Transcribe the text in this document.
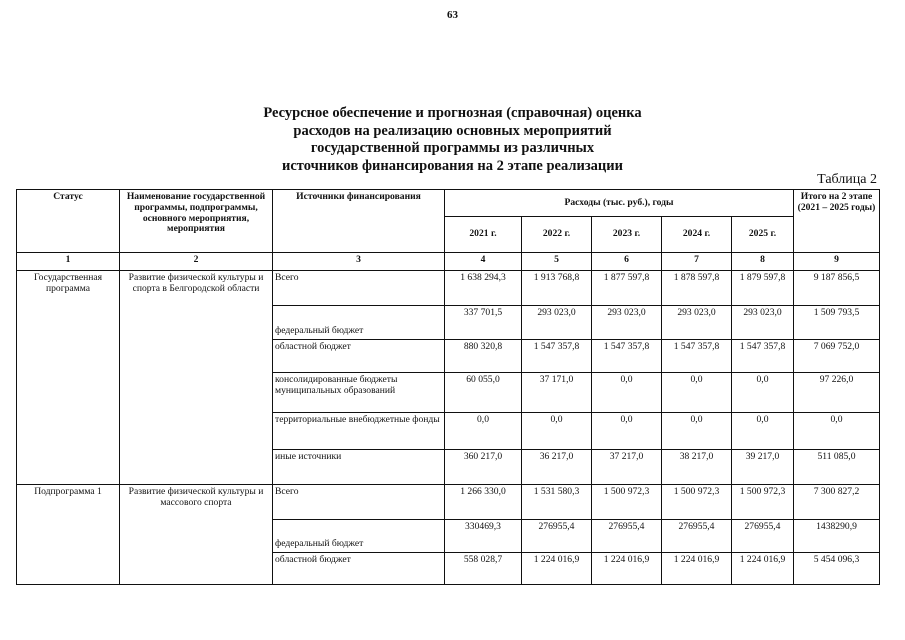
63
Ресурсное обеспечение и прогнозная (справочная) оценка
расходов на реализацию основных мероприятий
государственной программы из различных
источников финансирования на 2 этапе реализации
Таблица 2
Статус	Наименование государственной программы, подпрограммы, основного мероприятия, мероприятия	Источники финансирования	Расходы (тыс. руб.), годы					Итого на 2 этапе (2021 – 2025 годы)
			2021 г.	2022 г.	2023 г.	2024 г.	2025 г.	
1	2	3	4	5	6	7	8	9
Государственная программа	Развитие физической культуры и спорта в Белгородской области	Всего	1 638 294,3	1 913 768,8	1 877 597,8	1 878 597,8	1 879 597,8	9 187 856,5
		федеральный бюджет	337 701,5	293 023,0	293 023,0	293 023,0	293 023,0	1 509 793,5
		областной бюджет	880 320,8	1 547 357,8	1 547 357,8	1 547 357,8	1 547 357,8	7 069 752,0
		консолидированные бюджеты муниципальных образований	60 055,0	37 171,0	0,0	0,0	0,0	97 226,0
		территориальные внебюджетные фонды	0,0	0,0	0,0	0,0	0,0	0,0
		иные источники	360 217,0	36 217,0	37 217,0	38 217,0	39 217,0	511 085,0
Подпрограмма 1	Развитие физической культуры и массового спорта	Всего	1 266 330,0	1 531 580,3	1 500 972,3	1 500 972,3	1 500 972,3	7 300 827,2
		федеральный бюджет	330469,3	276955,4	276955,4	276955,4	276955,4	1438290,9
		областной бюджет	558 028,7	1 224 016,9	1 224 016,9	1 224 016,9	1 224 016,9	5 454 096,3
